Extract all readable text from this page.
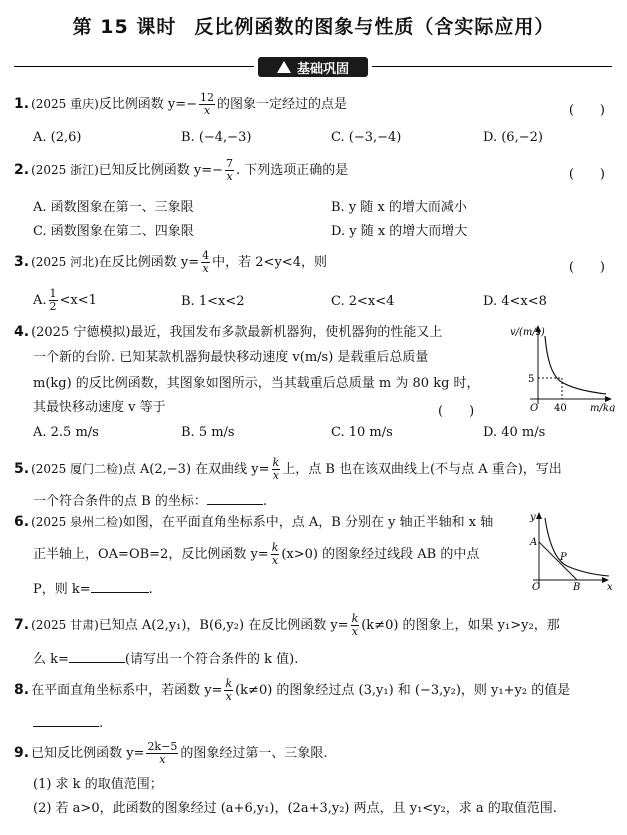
第 15 课时 反比例函数的图象与性质（含实际应用）
基础巩固
1. (2025 重庆)反比例函数 $y=- \frac{12}{x}$ 的图象一定经过的点是	(　　)
A. (2,6)	B. (−4,−3)	C. (−3,−4)	D. (6,−2)
2. (2025 浙江)已知反比例函数 $y=- \frac{7}{x}$ . 下列选项正确的是	(　　)
A. 函数图象在第一、三象限	B. y 随 x 的增大而减小
C. 函数图象在第二、四象限	D. y 随 x 的增大而增大
3. (2025 河北)在反比例函数 $y= \frac{4}{x}$ 中，若 2<y<4，则	(　　)
A. $\frac{1}{2} <x<1$	B. 1<x<2	C. 2<x<4	D. 4<x<8
4. (2025 宁德模拟)最近，我国发布多款最新机器狗，使机器狗的性能又上
一个新的台阶. 已知某款机器狗最快移动速度 v(m/s) 是载重后总质量
m(kg) 的反比例函数，其图象如图所示，当其载重后总质量 m 为 80 kg 时，
其最快移动速度 v 等于	(　　)
A. 2.5 m/s	B. 5 m/s	C. 10 m/s	D. 40 m/s
v/(m/s)
5
O 40 m/kg
5. (2025 厦门二检)点 A(2,−3) 在双曲线 $y= \frac{k}{x}$ 上，点 B 也在该双曲线上(不与点 A 重合)，写出
一个符合条件的点 B 的坐标：	.
6. (2025 泉州二检)如图，在平面直角坐标系中，点 A，B 分别在 y 轴正半轴和 x 轴
正半轴上，OA=OB=2，反比例函数 $y= \frac{k}{x} (x>0)$ 的图象经过线段 AB 的中点
P，则 k=	.
y
A
P
O	B	x
7. (2025 甘肃)已知点 A(2,y₁)，B(6,y₂) 在反比例函数 $y= \frac{k}{x} (k\ne 0)$ 的图象上，如果 y₁>y₂，那
么 k=	(请写出一个符合条件的 k 值).
8. 在平面直角坐标系中，若函数 $y= \frac{k}{x} (k\ne 0)$ 的图象经过点 (3,y₁) 和 (−3,y₂)，则 y₁+y₂ 的值是
.
9. 已知反比例函数 $y= \frac{2k-5}{x}$ 的图象经过第一、三象限.
(1) 求 k 的取值范围；
(2) 若 a>0，此函数的图象经过 (a+6,y₁)，(2a+3,y₂) 两点，且 y₁<y₂，求 a 的取值范围.
